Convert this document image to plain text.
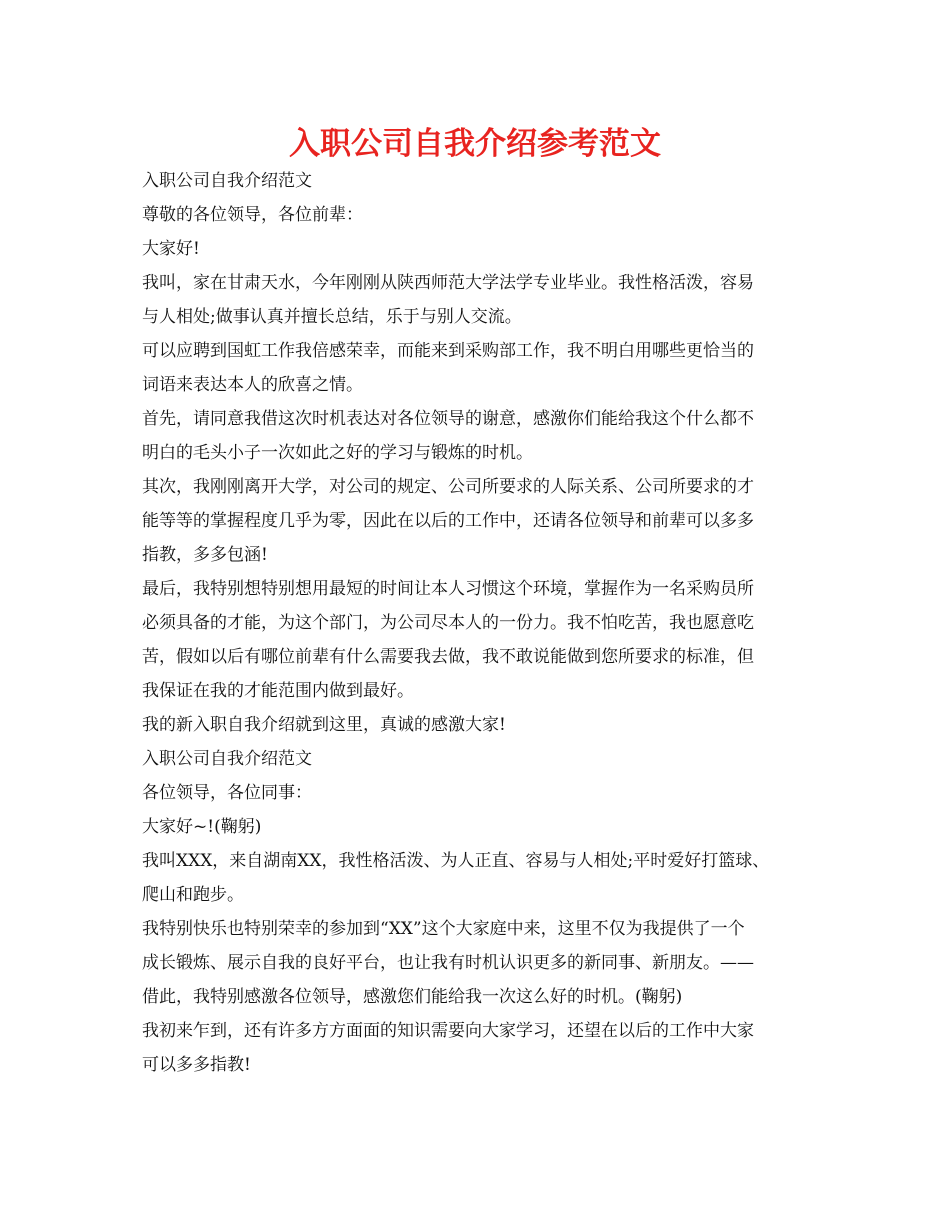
入职公司自我介绍参考范文

入职公司自我介绍范文

尊敬的各位领导，各位前辈：

大家好!

我叫，家在甘肃天水，今年刚刚从陕西师范大学法学专业毕业。我性格活泼，容易

与人相处;做事认真并擅长总结，乐于与别人交流。

可以应聘到国虹工作我倍感荣幸，而能来到采购部工作，我不明白用哪些更恰当的

词语来表达本人的欣喜之情。

首先，请同意我借这次时机表达对各位领导的谢意，感激你们能给我这个什么都不

明白的毛头小子一次如此之好的学习与锻炼的时机。

其次，我刚刚离开大学，对公司的规定、公司所要求的人际关系、公司所要求的才

能等等的掌握程度几乎为零，因此在以后的工作中，还请各位领导和前辈可以多多

指教，多多包涵!

最后，我特别想特别想用最短的时间让本人习惯这个环境，掌握作为一名采购员所

必须具备的才能，为这个部门，为公司尽本人的一份力。我不怕吃苦，我也愿意吃

苦，假如以后有哪位前辈有什么需要我去做，我不敢说能做到您所要求的标准，但

我保证在我的才能范围内做到最好。

我的新入职自我介绍就到这里，真诚的感激大家!

入职公司自我介绍范文

各位领导，各位同事：

大家好~!(鞠躬)

我叫XXX，来自湖南XX，我性格活泼、为人正直、容易与人相处;平时爱好打篮球、

爬山和跑步。

我特别快乐也特别荣幸的参加到“XX”这个大家庭中来，这里不仅为我提供了一个

成长锻炼、展示自我的良好平台，也让我有时机认识更多的新同事、新朋友。——

借此，我特别感激各位领导，感激您们能给我一次这么好的时机。(鞠躬)

我初来乍到，还有许多方方面面的知识需要向大家学习，还望在以后的工作中大家

可以多多指教!
